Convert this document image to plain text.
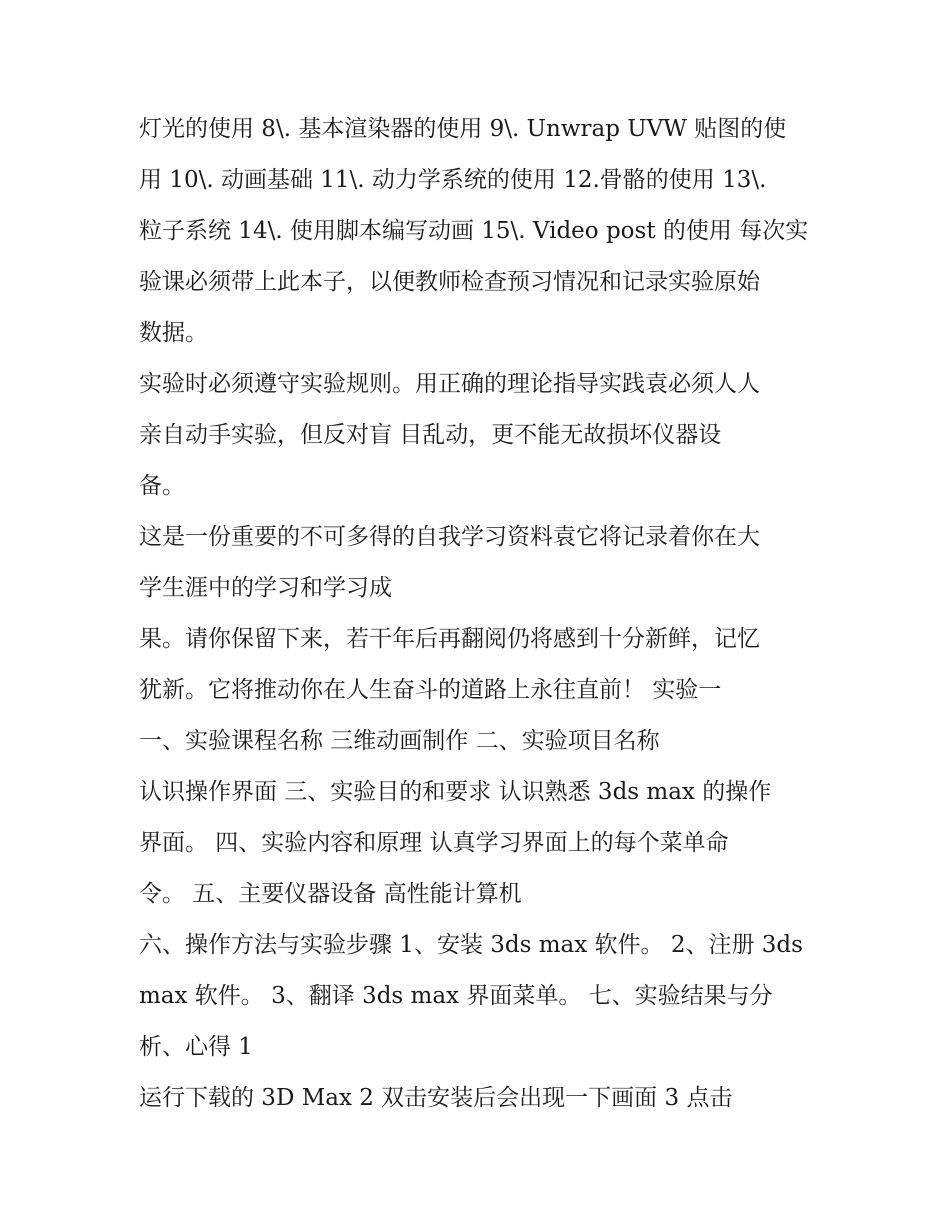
灯光的使用 8\. 基本渲染器的使用 9\. Unwrap UVW 贴图的使
用 10\. 动画基础 11\. 动力学系统的使用 12.骨骼的使用 13\.
粒子系统 14\. 使用脚本编写动画 15\. Video post 的使用 每次实
验课必须带上此本子，以便教师检查预习情况和记录实验原始
数据。
实验时必须遵守实验规则。用正确的理论指导实践袁必须人人
亲自动手实验，但反对盲 目乱动，更不能无故损坏仪器设
备。
这是一份重要的不可多得的自我学习资料袁它将记录着你在大
学生涯中的学习和学习成
果。请你保留下来，若干年后再翻阅仍将感到十分新鲜，记忆
犹新。它将推动你在人生奋斗的道路上永往直前！ 实验一
一、实验课程名称 三维动画制作 二、实验项目名称
认识操作界面 三、实验目的和要求 认识熟悉 3ds max 的操作
界面。 四、实验内容和原理 认真学习界面上的每个菜单命
令。 五、主要仪器设备 高性能计算机
六、操作方法与实验步骤 1、安装 3ds max 软件。 2、注册 3ds
max 软件。 3、翻译 3ds max 界面菜单。 七、实验结果与分
析、心得 1
运行下载的 3D Max 2 双击安装后会出现一下画面 3 点击
